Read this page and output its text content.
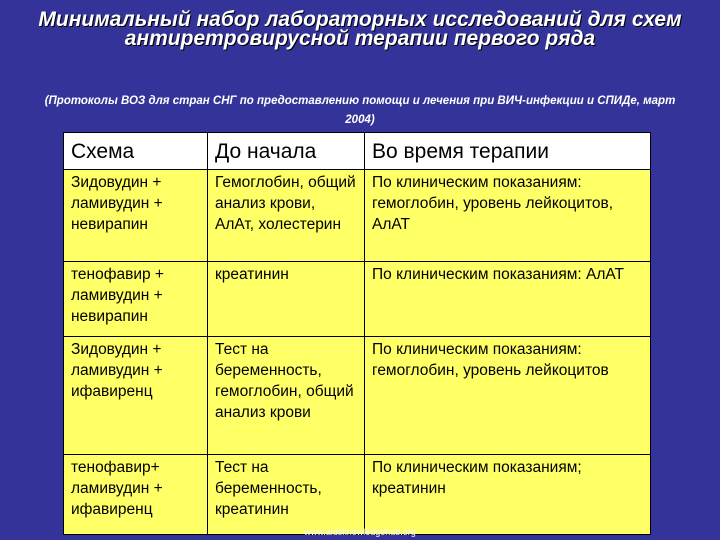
Минимальный набор лабораторных исследований для схем антиретровирусной терапии первого ряда
(Протоколы ВОЗ для стран СНГ по предоставлению помощи и лечения при ВИЧ-инфекции и СПИДе, март 2004)
Схема	До начала	Во время терапии
Зидовудин + ламивудин + невирапин	Гемоглобин, общий анализ крови, АлАт, холестерин	По клиническим показаниям: гемоглобин, уровень лейкоцитов, АлАТ
тенофавир + ламивудин + невирапин	креатинин	По клиническим показаниям: АлАТ
Зидовудин + ламивудин + ифавиренц	Тест на беременность, гемоглобин, общий анализ крови	По клиническим показаниям: гемоглобин, уровень лейкоцитов
тенофавир+ ламивудин + ифавиренц	Тест на беременность, креатинин	По клиническим показаниям; креатинин
www.aidsknowledgehub.org
